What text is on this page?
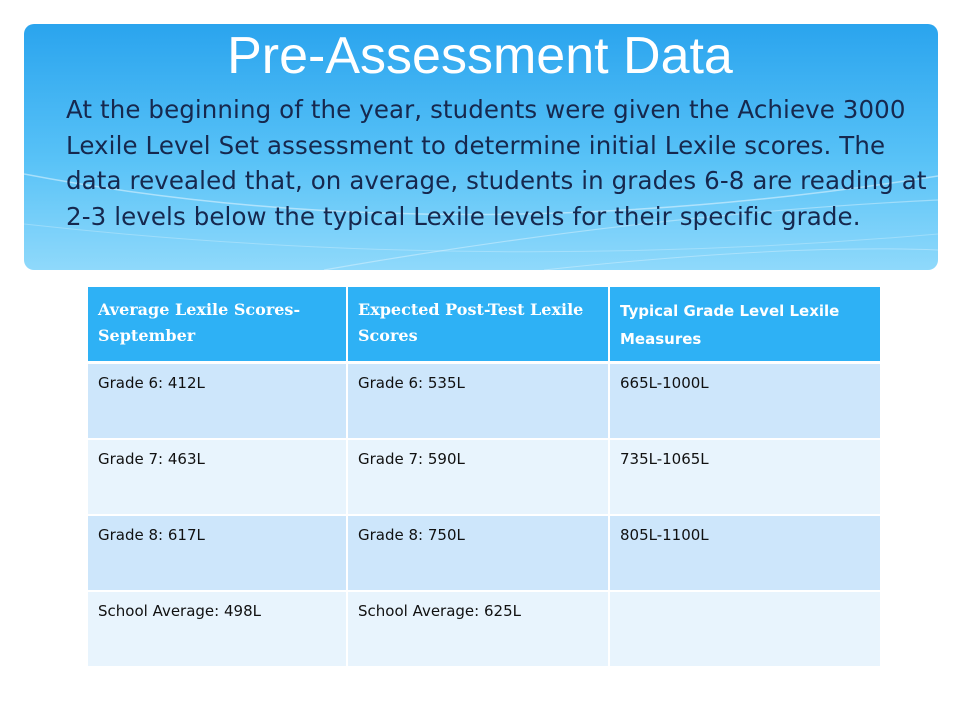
Pre-Assessment Data

At the beginning of the year, students were given the Achieve 3000 Lexile Level Set assessment to determine initial Lexile scores. The data revealed that, on average, students in grades 6-8 are reading at 2-3 levels below the typical Lexile levels for their specific grade.

Average Lexile Scores-September	Expected Post-Test Lexile Scores	Typical Grade Level Lexile Measures
Grade 6: 412L	Grade 6: 535L	665L-1000L
Grade 7: 463L	Grade 7: 590L	735L-1065L
Grade 8: 617L	Grade 8: 750L	805L-1100L
School Average: 498L	School Average: 625L	
